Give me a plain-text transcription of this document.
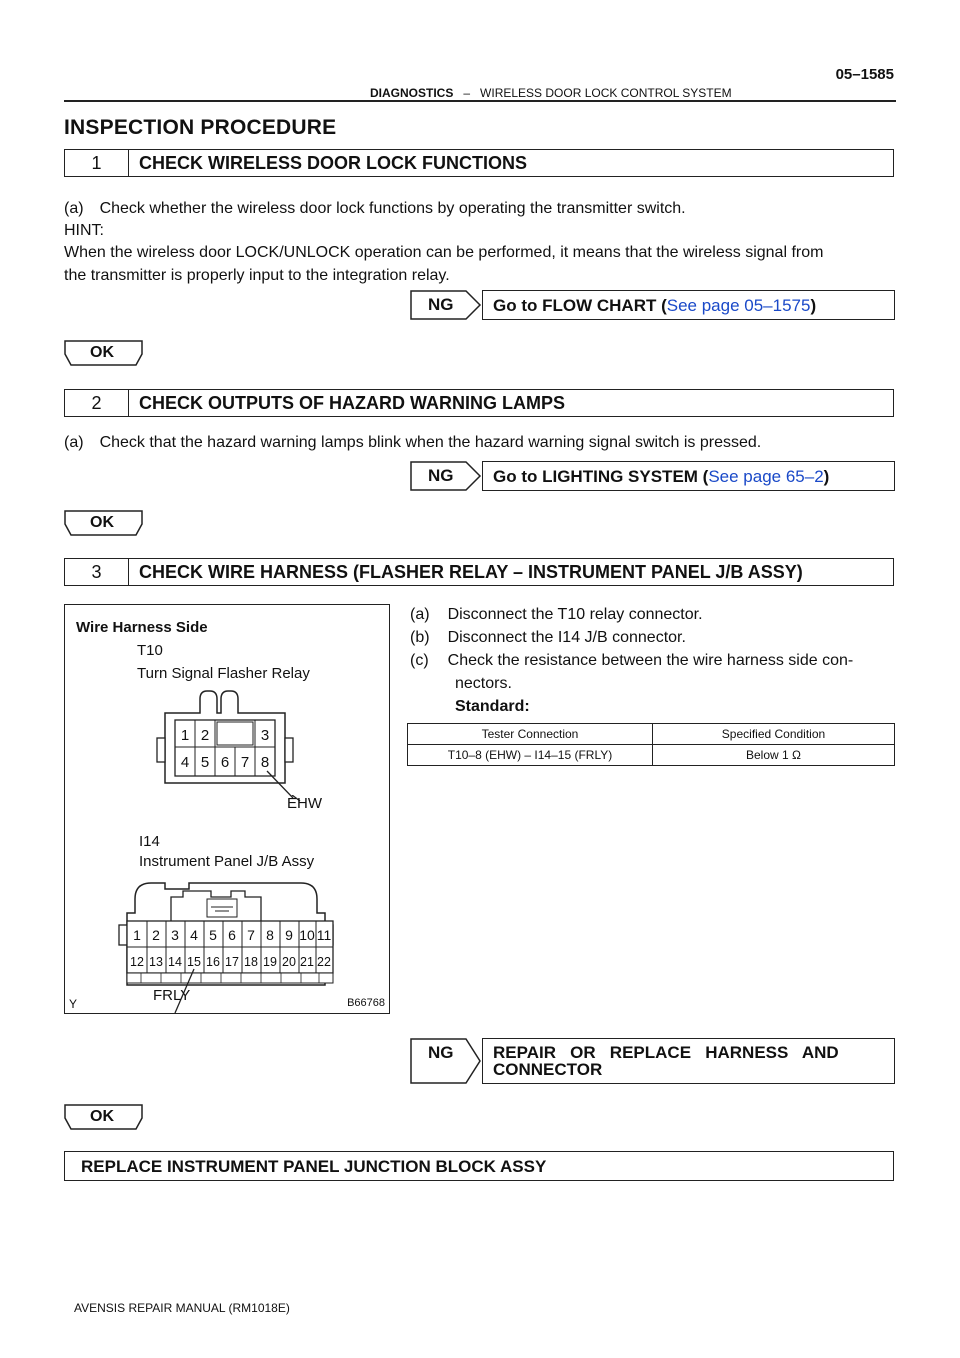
05–1585
DIAGNOSTICS – WIRELESS DOOR LOCK CONTROL SYSTEM
INSPECTION PROCEDURE
1	CHECK WIRELESS DOOR LOCK FUNCTIONS
(a) Check whether the wireless door lock functions by operating the transmitter switch.
HINT:
When the wireless door LOCK/UNLOCK operation can be performed, it means that the wireless signal from
the transmitter is properly input to the integration relay.
NG	Go to FLOW CHART (See page 05–1575)
OK
2	CHECK OUTPUTS OF HAZARD WARNING LAMPS
(a) Check that the hazard warning lamps blink when the hazard warning signal switch is pressed.
NG	Go to LIGHTING SYSTEM (See page 65–2)
OK
3	CHECK WIRE HARNESS (FLASHER RELAY – INSTRUMENT PANEL J/B ASSY)
Wire Harness Side
T10
Turn Signal Flasher Relay
1 2	3
4 5 6 7 8
EHW
I14
Instrument Panel J/B Assy
1 2 3 4 5 6 7 8 9 10 11
12 13 14 15 16 17 18 19 20 21 22
FRLY
Y	B66768
(a) Disconnect the T10 relay connector.
(b) Disconnect the I14 J/B connector.
(c) Check the resistance between the wire harness side con-
nectors.
Standard:
Tester Connection	Specified Condition
T10–8 (EHW) – I14–15 (FRLY)	Below 1 Ω
NG REPAIR   OR   REPLACE   HARNESS   AND
CONNECTOR
OK
REPLACE INSTRUMENT PANEL JUNCTION BLOCK ASSY
AVENSIS REPAIR MANUAL (RM1018E)
